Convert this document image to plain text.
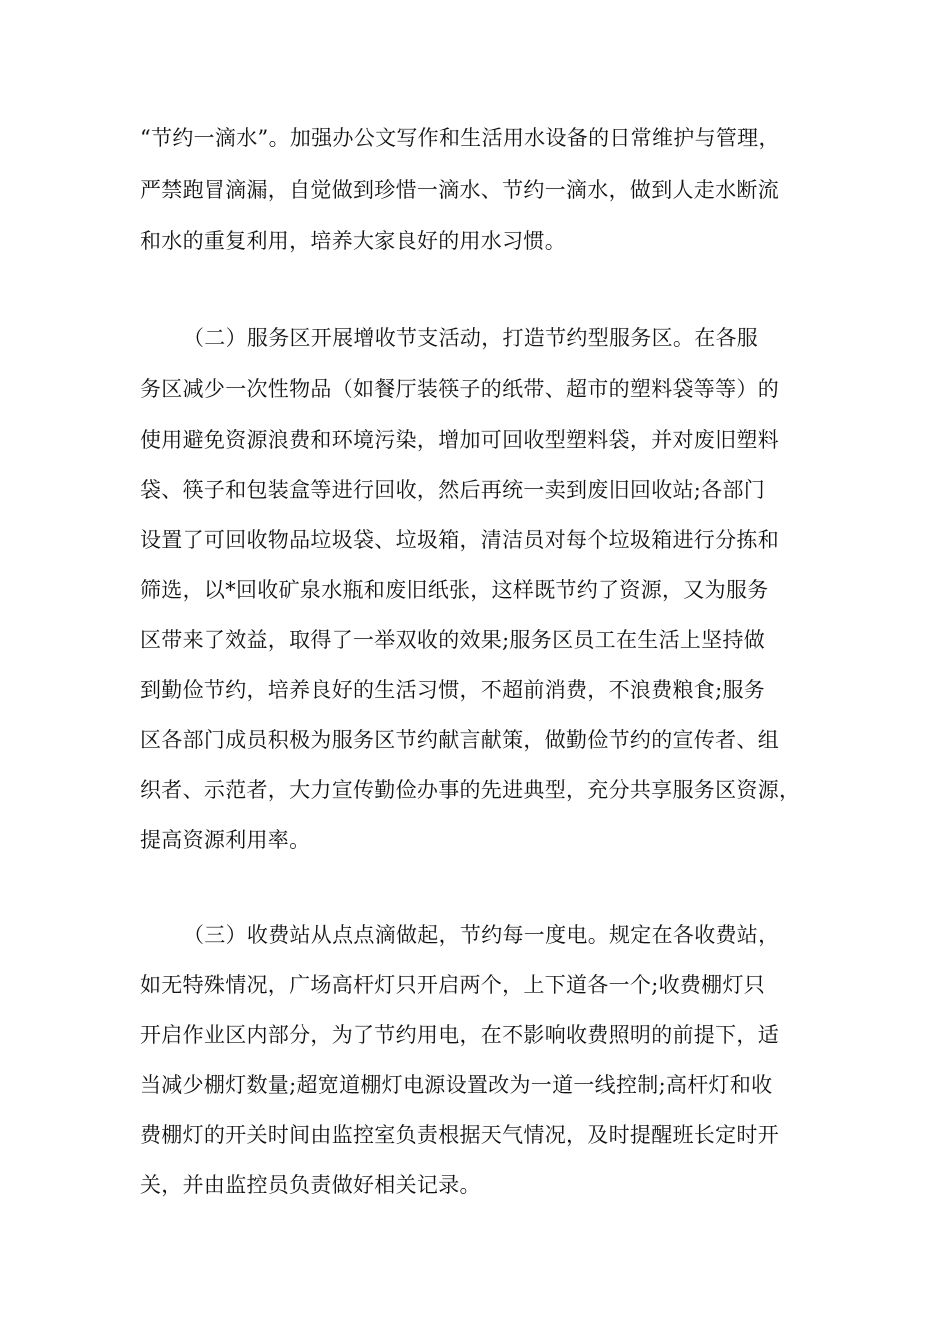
“节约一滴水”。加强办公文写作和生活用水设备的日常维护与管理，
严禁跑冒滴漏，自觉做到珍惜一滴水、节约一滴水，做到人走水断流
和水的重复利用，培养大家良好的用水习惯。
（二）服务区开展增收节支活动，打造节约型服务区。在各服
务区减少一次性物品（如餐厅装筷子的纸带、超市的塑料袋等等）的
使用避免资源浪费和环境污染，增加可回收型塑料袋，并对废旧塑料
袋、筷子和包装盒等进行回收，然后再统一卖到废旧回收站;各部门
设置了可回收物品垃圾袋、垃圾箱，清洁员对每个垃圾箱进行分拣和
筛选，以*回收矿泉水瓶和废旧纸张，这样既节约了资源，又为服务
区带来了效益，取得了一举双收的效果;服务区员工在生活上坚持做
到勤俭节约，培养良好的生活习惯，不超前消费，不浪费粮食;服务
区各部门成员积极为服务区节约献言献策，做勤俭节约的宣传者、组
织者、示范者，大力宣传勤俭办事的先进典型，充分共享服务区资源，
提高资源利用率。
（三）收费站从点点滴做起，节约每一度电。规定在各收费站，
如无特殊情况，广场高杆灯只开启两个，上下道各一个;收费棚灯只
开启作业区内部分，为了节约用电，在不影响收费照明的前提下，适
当减少棚灯数量;超宽道棚灯电源设置改为一道一线控制;高杆灯和收
费棚灯的开关时间由监控室负责根据天气情况，及时提醒班长定时开
关，并由监控员负责做好相关记录。
